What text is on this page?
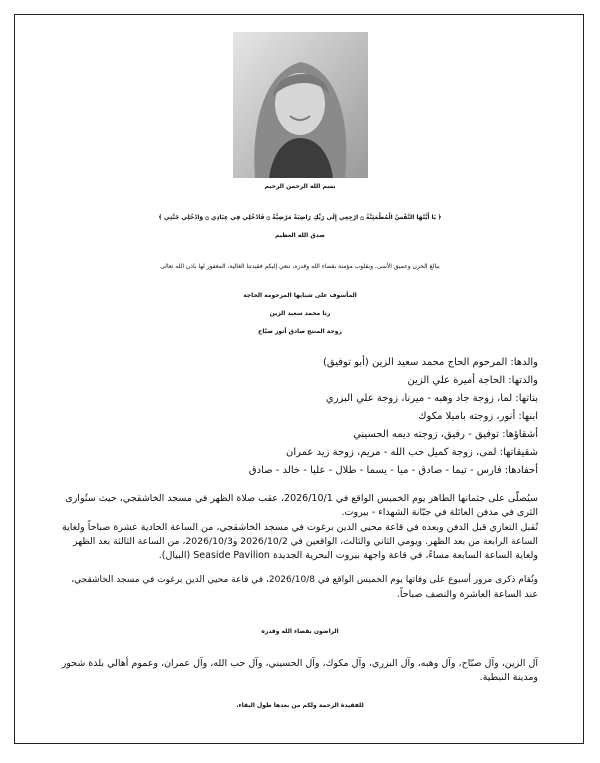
بسم الله الرحمن الرحيم
﴿ يَا أَيَّتُهَا النَّفْسُ الْمُطْمَئِنَّةُ ۝ ارْجِعِي إِلَى رَبِّكِ رَاضِيَةً مَرْضِيَّةً ۝ فَادْخُلِي فِي عِبَادِي ۝ وَادْخُلِي جَنَّتِي ﴾
صدق الله العظيم
ببالغ الحزن وعميق الأسى، وبقلوب مؤمنة بقضاء الله وقدره، ننعي إليكم فقيدتنا الغالية، المغفور لها باذن الله تعالى
المأسوف على شبابها المرحومة الحاجة
رنا محمد سعيد الزين
زوجة المنتج صادق أنور صبّاح
والدها: المرحوم الحاج محمد سعيد الزين (أبو توفيق)
والدتها: الحاجة أميرة علي الزين
بناتها: لما، زوجة جاد وهبه - ميرنا، زوجة علي البزري
ابنها: أنور، زوجته باميلا مكوك
أشقاؤها: توفيق - رفيق، زوجته ديمه الحسيني
شقيقاتها: لمى، زوجة كميل حب الله - مريم، زوجة زيد عمران
أحفادها: فارس - تيما - صادق - ميا - يسما - طلال - عليا - خالد - صادق
سيُصلّى على جثمانها الطاهر يوم الخميس الواقع في 2026/10/1، عقب صلاة الظهر في مسجد الخاشقجي، حيث ستُوارى
الثرى في مدفن العائلة في جبّانة الشهداء - بيروت.
تُقبل التعازي قبل الدفن وبعده في قاعة محيي الدين برغوت في مسجد الخاشقجي، من الساعة الحادية عشرة صباحاً ولغاية
الساعة الرابعة من بعد الظهر. ويومي الثاني والثالث، الواقعين في 2026/10/2 و2026/10/3، من الساعة الثالثة بعد الظهر
ولغاية الساعة السابعة مساءً، في قاعة واجهة بيروت البحرية الجديدة Seaside Pavilion (البيال).
وتُقام ذكرى مرور أسبوع على وفاتها يوم الخميس الواقع في 2026/10/8، في قاعة محيي الدين برغوت في مسجد الخاشقجي،
عند الساعة العاشرة والنصف صباحاً.
الراضون بقضاء الله وقدره
آل الزين، وآل صبّاح، وآل وهبه، وآل البزري، وآل مكوك، وآل الحسيني، وآل حب الله، وآل عمران، وعموم أهالي بلدة شحور
ومدينة النبطية.
للفقيدة الرحمة ولكم من بعدها طول البقاء.
